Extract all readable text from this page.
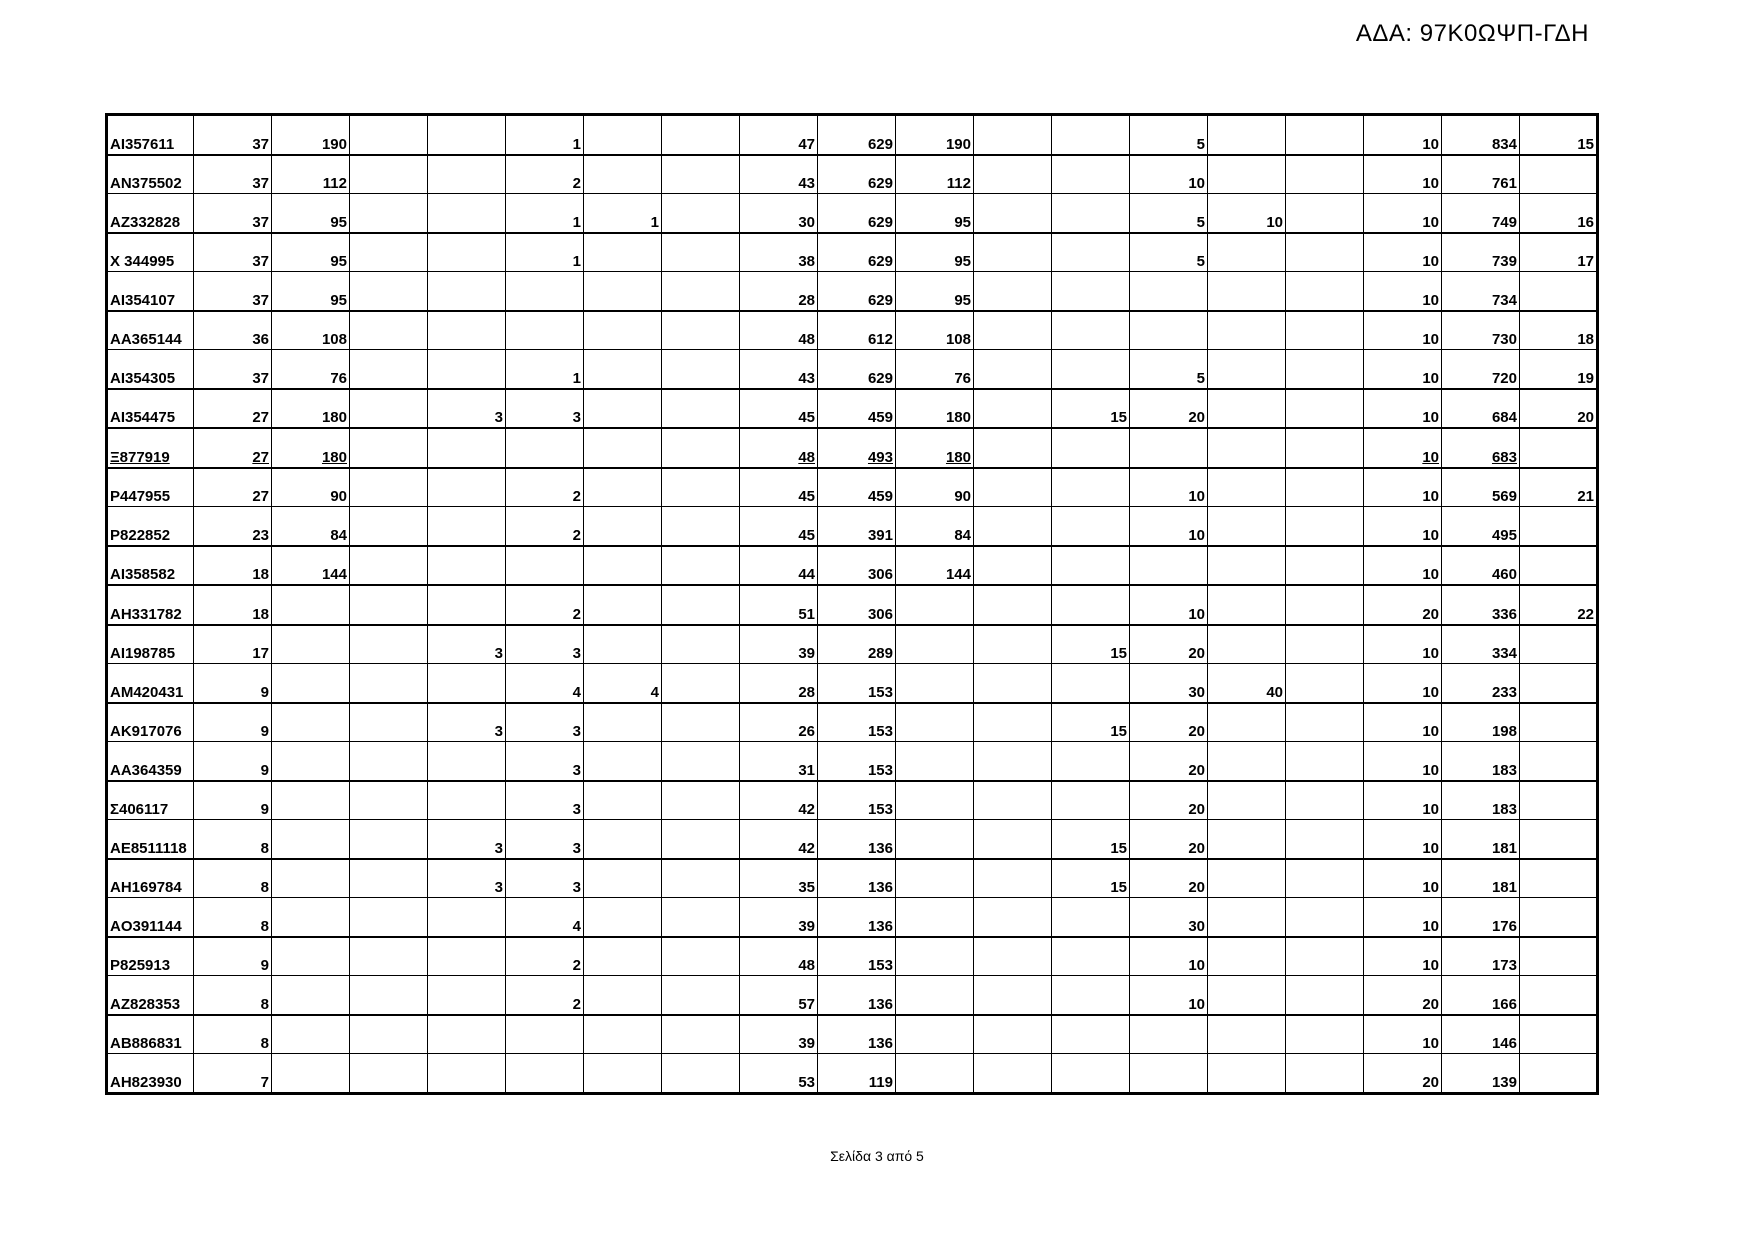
ΑΔΑ: 97Κ0ΩΨΠ-ΓΔΗ
AI357611	37	190			1			47	629	190			5			10	834	15
AN375502	37	112			2			43	629	112			10			10	761	
AZ332828	37	95			1	1		30	629	95			5	10		10	749	16
X 344995	37	95			1			38	629	95			5			10	739	17
AI354107	37	95						28	629	95						10	734	
AA365144	36	108						48	612	108						10	730	18
AI354305	37	76			1			43	629	76			5			10	720	19
AI354475	27	180		3	3			45	459	180		15	20			10	684	20
Ξ877919	27	180						48	493	180						10	683	
P447955	27	90			2			45	459	90			10			10	569	21
P822852	23	84			2			45	391	84			10			10	495	
AI358582	18	144						44	306	144						10	460	
AH331782	18				2			51	306				10			20	336	22
AI198785	17			3	3			39	289			15	20			10	334	
AM420431	9				4	4		28	153				30	40		10	233	
AK917076	9			3	3			26	153			15	20			10	198	
AA364359	9				3			31	153				20			10	183	
Σ406117	9				3			42	153				20			10	183	
AE8511118	8			3	3			42	136			15	20			10	181	
AH169784	8			3	3			35	136			15	20			10	181	
AO391144	8				4			39	136				30			10	176	
P825913	9				2			48	153				10			10	173	
AZ828353	8				2			57	136				10			20	166	
AB886831	8							39	136							10	146	
AH823930	7							53	119							20	139	
Σελίδα 3 από 5
